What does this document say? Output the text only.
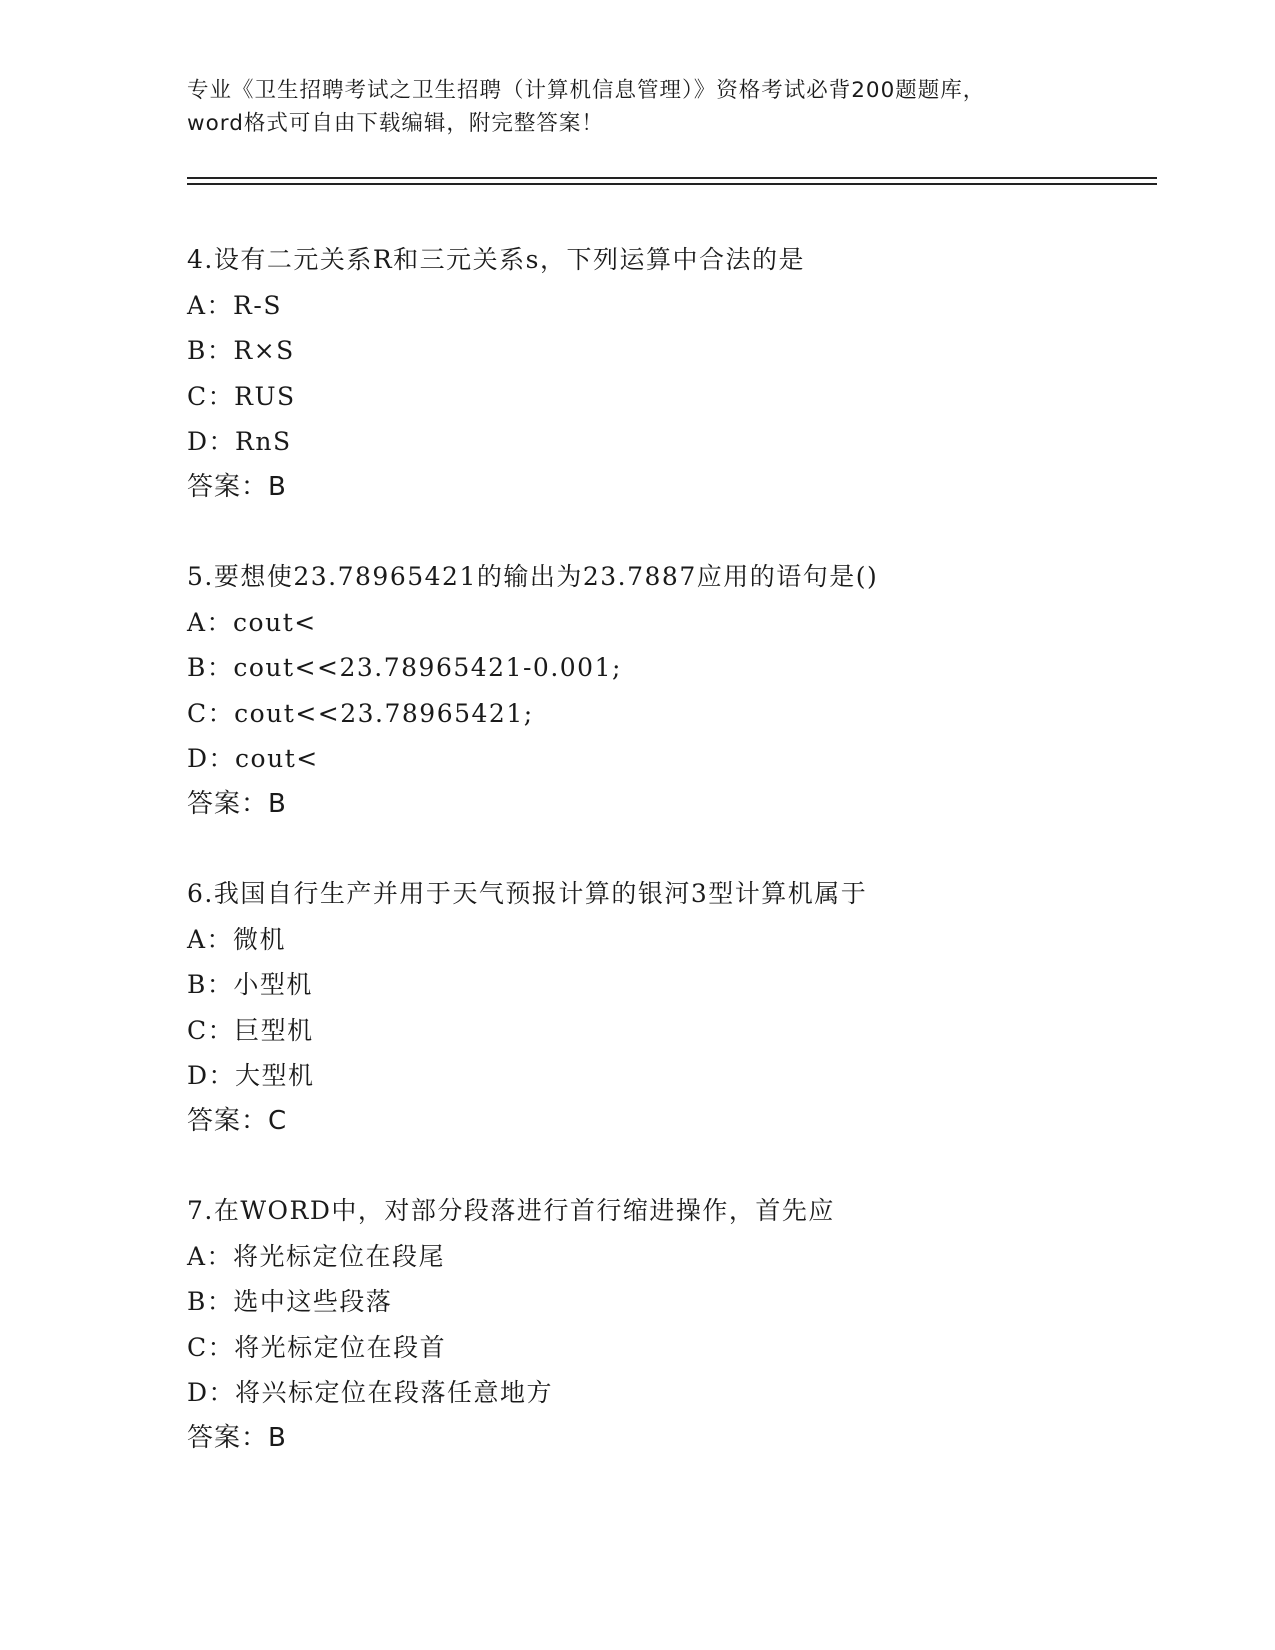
专业《卫生招聘考试之卫生招聘（计算机信息管理）》资格考试必背200题题库，
word格式可自由下载编辑，附完整答案！
4.设有二元关系R和三元关系s，下列运算中合法的是
A：R-S
B：R×S
C：RUS
D：RnS
答案：B
5.要想使23.78965421的输出为23.7887应用的语句是()
A：cout<
B：cout<<23.78965421-0.001;
C：cout<<23.78965421;
D：cout<
答案：B
6.我国自行生产并用于天气预报计算的银河3型计算机属于
A：微机
B：小型机
C：巨型机
D：大型机
答案：C
7.在WORD中，对部分段落进行首行缩进操作，首先应
A：将光标定位在段尾
B：选中这些段落
C：将光标定位在段首
D：将兴标定位在段落任意地方
答案：B
